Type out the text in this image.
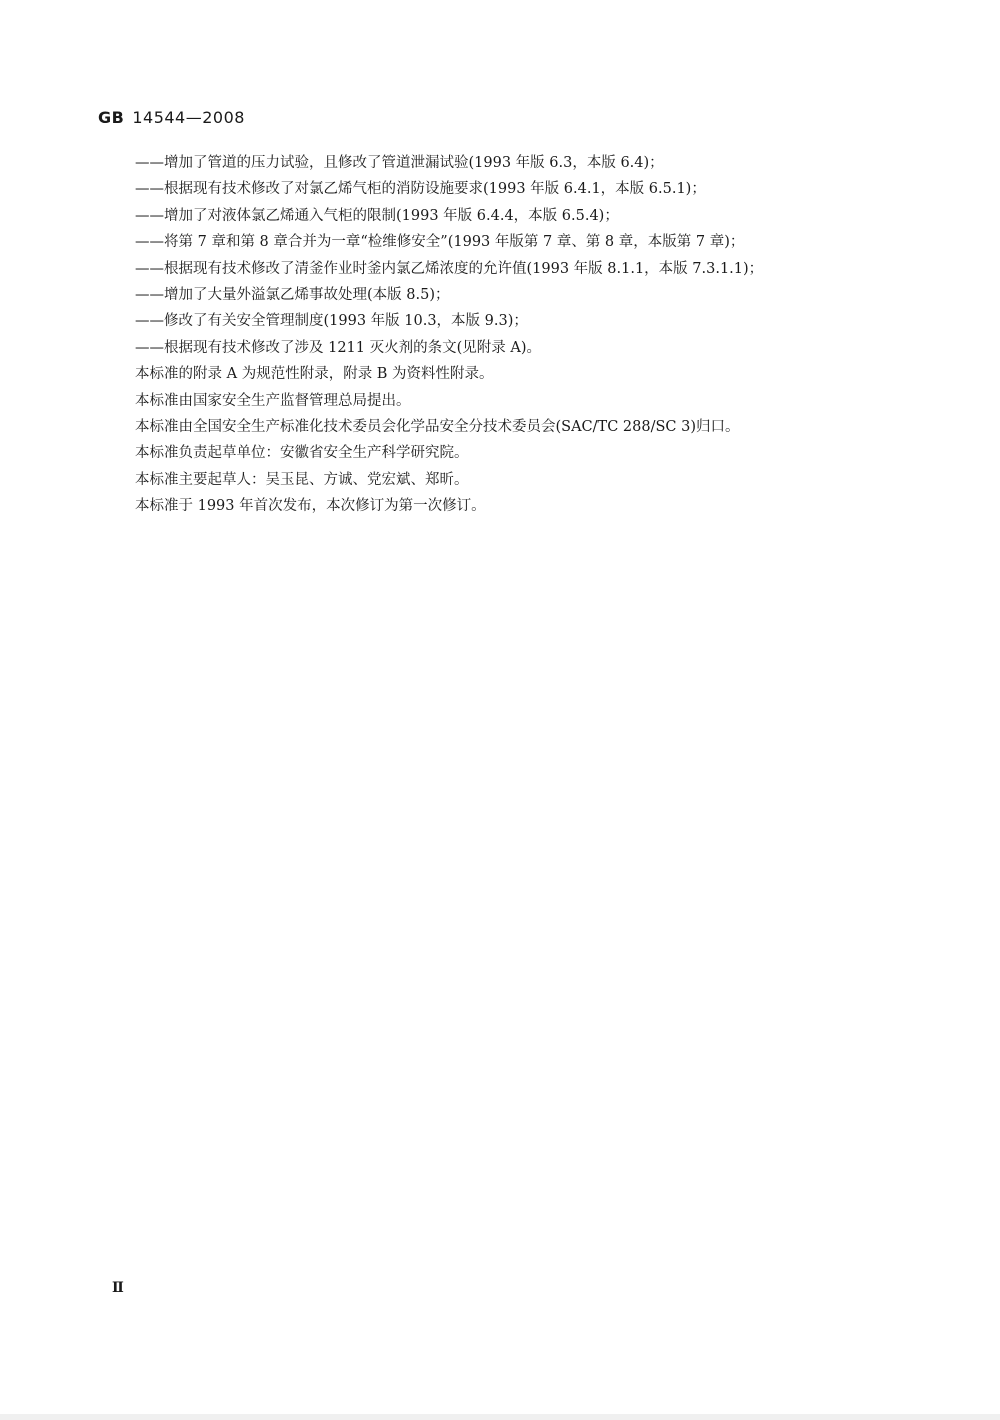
GB 14544—2008
——增加了管道的压力试验，且修改了管道泄漏试验(1993 年版 6.3，本版 6.4)；
——根据现有技术修改了对氯乙烯气柜的消防设施要求(1993 年版 6.4.1，本版 6.5.1)；
——增加了对液体氯乙烯通入气柜的限制(1993 年版 6.4.4，本版 6.5.4)；
——将第 7 章和第 8 章合并为一章“检维修安全”(1993 年版第 7 章、第 8 章，本版第 7 章)；
——根据现有技术修改了清釜作业时釜内氯乙烯浓度的允许值(1993 年版 8.1.1，本版 7.3.1.1)；
——增加了大量外溢氯乙烯事故处理(本版 8.5)；
——修改了有关安全管理制度(1993 年版 10.3，本版 9.3)；
——根据现有技术修改了涉及 1211 灭火剂的条文(见附录 A)。
本标准的附录 A 为规范性附录，附录 B 为资料性附录。
本标准由国家安全生产监督管理总局提出。
本标准由全国安全生产标准化技术委员会化学品安全分技术委员会(SAC/TC 288/SC 3)归口。
本标准负责起草单位：安徽省安全生产科学研究院。
本标准主要起草人：吴玉昆、方诚、党宏斌、郑昕。
本标准于 1993 年首次发布，本次修订为第一次修订。
Ⅱ
